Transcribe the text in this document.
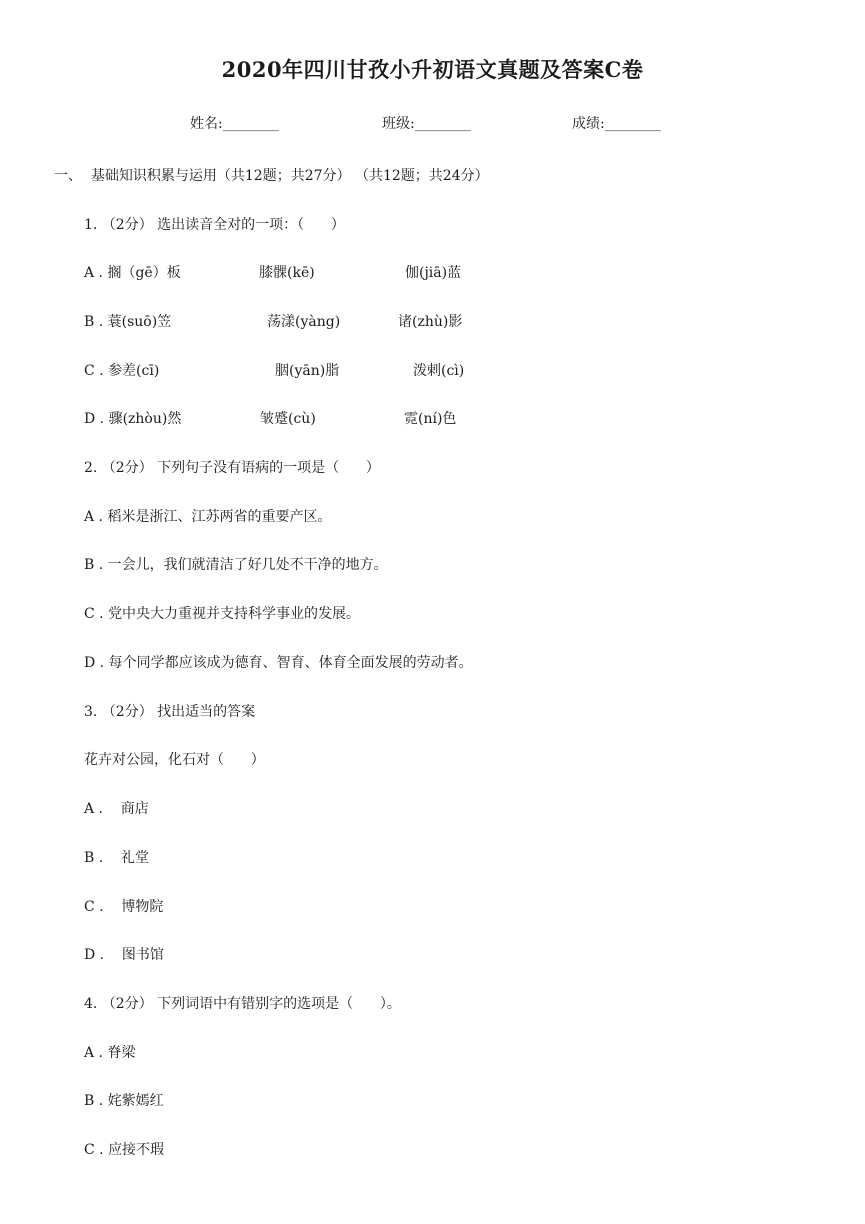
2020年四川甘孜小升初语文真题及答案C卷
姓名:________	班级:________	成绩:________
一、  基础知识积累与运用（共12题；共27分） （共12题；共24分）
1. （2分） 选出读音全对的一项：（      ）
A . 搁（gē）板	膝髁(kē)	伽(jiā)蓝
B . 蓑(suō)笠	荡漾(yàng)	诸(zhù)影
C . 参差(cī)	胭(yān)脂	泼剌(cì)
D . 骤(zhòu)然	皱蹙(cù)	霓(ní)色
2. （2分） 下列句子没有语病的一项是（      ）
A . 稻米是浙江、江苏两省的重要产区。
B . 一会儿，我们就清洁了好几处不干净的地方。
C . 党中央大力重视并支持科学事业的发展。
D . 每个同学都应该成为德育、智育、体育全面发展的劳动者。
3. （2分） 找出适当的答案
花卉对公园，化石对（      ）
A .    商店
B .    礼堂
C .    博物院
D .    图书馆
4. （2分） 下列词语中有错别字的选项是（      ）。
A . 脊梁
B . 姹紫嫣红
C . 应接不瑕
